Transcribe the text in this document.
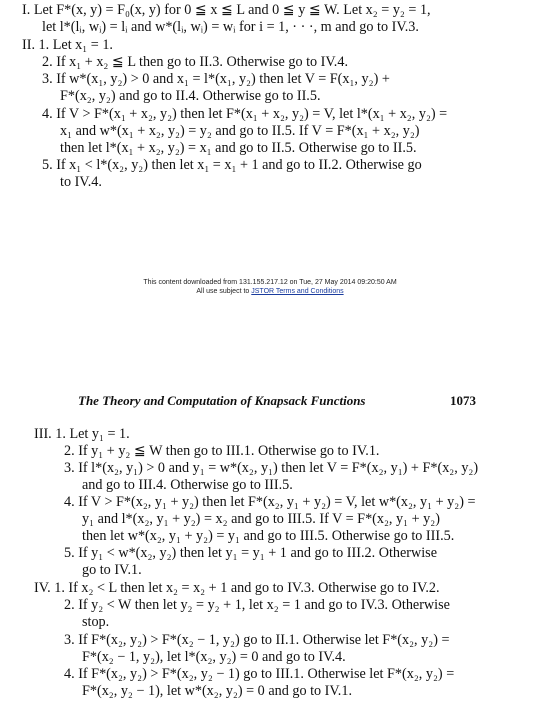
I. Let F*(x, y) = F₀(x, y) for 0 ≦ x ≦ L and 0 ≦ y ≦ W. Let x₂ = y₂ = 1,
let l*(lᵢ, wᵢ) = lᵢ and w*(lᵢ, wᵢ) = wᵢ for i = 1, · · ·, m and go to IV.3.
II. 1. Let x₁ = 1.
2. If x₁ + x₂ ≦ L then go to II.3. Otherwise go to IV.4.
3. If w*(x₁, y₂) > 0 and x₁ = l*(x₁, y₂) then let V = F(x₁, y₂) +
F*(x₂, y₂) and go to II.4. Otherwise go to II.5.
4. If V > F*(x₁ + x₂, y₂) then let F*(x₁ + x₂, y₂) = V, let l*(x₁ + x₂, y₂) =
x₁ and w*(x₁ + x₂, y₂) = y₂ and go to II.5. If V = F*(x₁ + x₂, y₂)
then let l*(x₁ + x₂, y₂) = x₁ and go to II.5. Otherwise go to II.5.
5. If x₁ < l*(x₂, y₂) then let x₁ = x₁ + 1 and go to II.2. Otherwise go
to IV.4.
This content downloaded from 131.155.217.12 on Tue, 27 May 2014 09:20:50 AM
All use subject to JSTOR Terms and Conditions
The Theory and Computation of Knapsack Functions	1073
III. 1. Let y₁ = 1.
2. If y₁ + y₂ ≦ W then go to III.1. Otherwise go to IV.1.
3. If l*(x₂, y₁) > 0 and y₁ = w*(x₂, y₁) then let V = F*(x₂, y₁) + F*(x₂, y₂)
and go to III.4. Otherwise go to III.5.
4. If V > F*(x₂, y₁ + y₂) then let F*(x₂, y₁ + y₂) = V, let w*(x₂, y₁ + y₂) =
y₁ and l*(x₂, y₁ + y₂) = x₂ and go to III.5. If V = F*(x₂, y₁ + y₂)
then let w*(x₂, y₁ + y₂) = y₁ and go to III.5. Otherwise go to III.5.
5. If y₁ < w*(x₂, y₂) then let y₁ = y₁ + 1 and go to III.2. Otherwise
go to IV.1.
IV. 1. If x₂ < L then let x₂ = x₂ + 1 and go to IV.3. Otherwise go to IV.2.
2. If y₂ < W then let y₂ = y₂ + 1, let x₂ = 1 and go to IV.3. Otherwise
stop.
3. If F*(x₂, y₂) > F*(x₂ − 1, y₂) go to II.1. Otherwise let F*(x₂, y₂) =
F*(x₂ − 1, y₂), let l*(x₂, y₂) = 0 and go to IV.4.
4. If F*(x₂, y₂) > F*(x₂, y₂ − 1) go to III.1. Otherwise let F*(x₂, y₂) =
F*(x₂, y₂ − 1), let w*(x₂, y₂) = 0 and go to IV.1.
